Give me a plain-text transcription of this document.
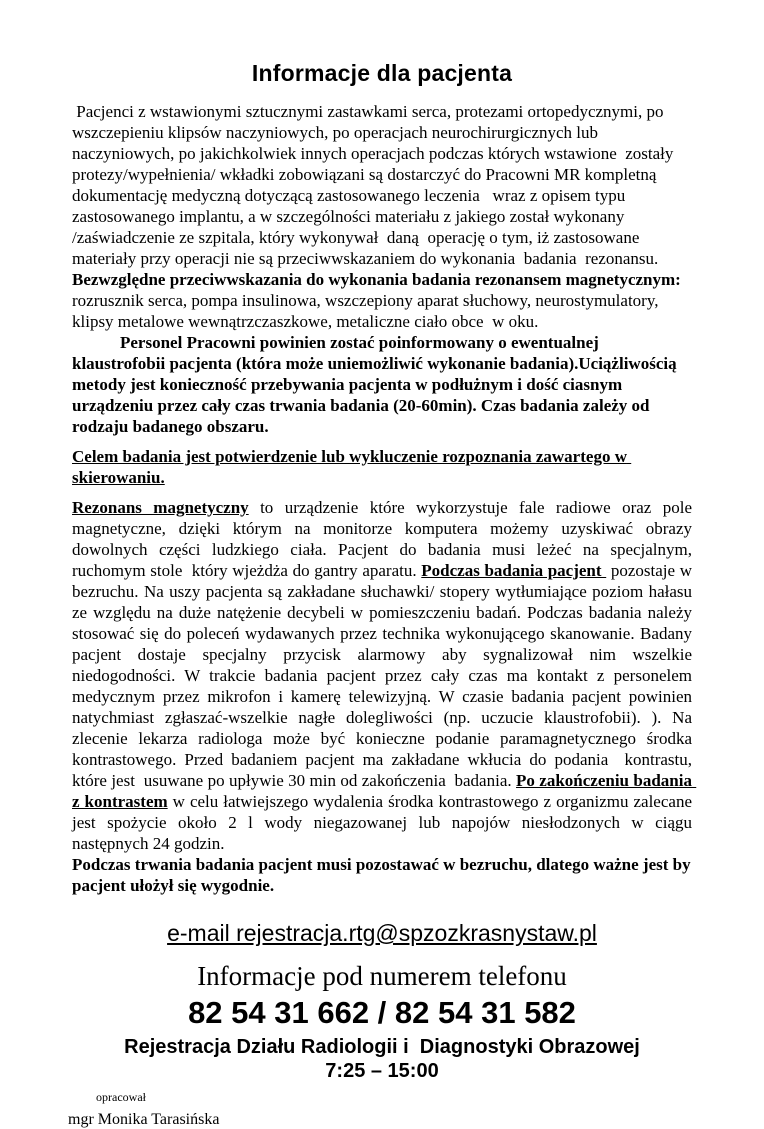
Informacje dla pacjenta

Pacjenci z wstawionymi sztucznymi zastawkami serca, protezami ortopedycznymi, po wszczepieniu klipsów naczyniowych, po operacjach neurochirurgicznych lub naczyniowych, po jakichkolwiek innych operacjach podczas których wstawione  zostały protezy/wypełnienia/ wkładki zobowiązani są dostarczyć do Pracowni MR kompletną dokumentację medyczną dotyczącą zastosowanego leczenia   wraz z opisem typu zastosowanego implantu, a w szczególności materiału z jakiego został wykonany /zaświadczenie ze szpitala, który wykonywał  daną  operację o tym, iż zastosowane materiały przy operacji nie są przeciwwskazaniem do wykonania  badania  rezonansu.

Bezwzględne przeciwwskazania do wykonania badania rezonansem magnetycznym: rozrusznik serca, pompa insulinowa, wszczepiony aparat słuchowy, neurostymulatory, klipsy metalowe wewnątrzczaszkowe, metaliczne ciało obce  w oku.

Personel Pracowni powinien zostać poinformowany o ewentualnej klaustrofobii pacjenta (która może uniemożliwić wykonanie badania).Uciążliwością metody jest konieczność przebywania pacjenta w podłużnym i dość ciasnym urządzeniu przez cały czas trwania badania (20-60min). Czas badania zależy od rodzaju badanego obszaru.

Celem badania jest potwierdzenie lub wykluczenie rozpoznania zawartego w skierowaniu.

Rezonans magnetyczny to urządzenie które wykorzystuje fale radiowe oraz pole magnetyczne, dzięki którym na monitorze komputera możemy uzyskiwać obrazy dowolnych części ludzkiego ciała. Pacjent do badania musi leżeć na specjalnym, ruchomym stole  który wjeżdża do gantry aparatu. Podczas badania pacjent  pozostaje w bezruchu. Na uszy pacjenta są zakładane słuchawki/ stopery wytłumiające poziom hałasu ze względu na duże natężenie decybeli w pomieszczeniu badań. Podczas badania należy stosować się do poleceń wydawanych przez technika wykonującego skanowanie. Badany pacjent dostaje specjalny przycisk alarmowy aby sygnalizował nim wszelkie niedogodności. W trakcie badania pacjent przez cały czas ma kontakt z personelem medycznym przez mikrofon i kamerę telewizyjną. W czasie badania pacjent powinien natychmiast zgłaszać-wszelkie nagłe dolegliwości (np. uczucie klaustrofobii). ). Na zlecenie lekarza radiologa może być konieczne podanie paramagnetycznego środka kontrastowego. Przed badaniem pacjent ma zakładane wkłucia do podania  kontrastu, które jest  usuwane po upływie 30 min od zakończenia  badania. Po zakończeniu badania z kontrastem w celu łatwiejszego wydalenia środka kontrastowego z organizmu zalecane jest spożycie około 2 l wody niegazowanej lub napojów niesłodzonych w ciągu następnych 24 godzin.

Podczas trwania badania pacjent musi pozostawać w bezruchu, dlatego ważne jest by pacjent ułożył się wygodnie.

e-mail rejestracja.rtg@spzozkrasnystaw.pl
Informacje pod numerem telefonu
82 54 31 662 / 82 54 31 582
Rejestracja Działu Radiologii i  Diagnostyki Obrazowej
7:25 – 15:00
opracował
mgr Monika Tarasińska
